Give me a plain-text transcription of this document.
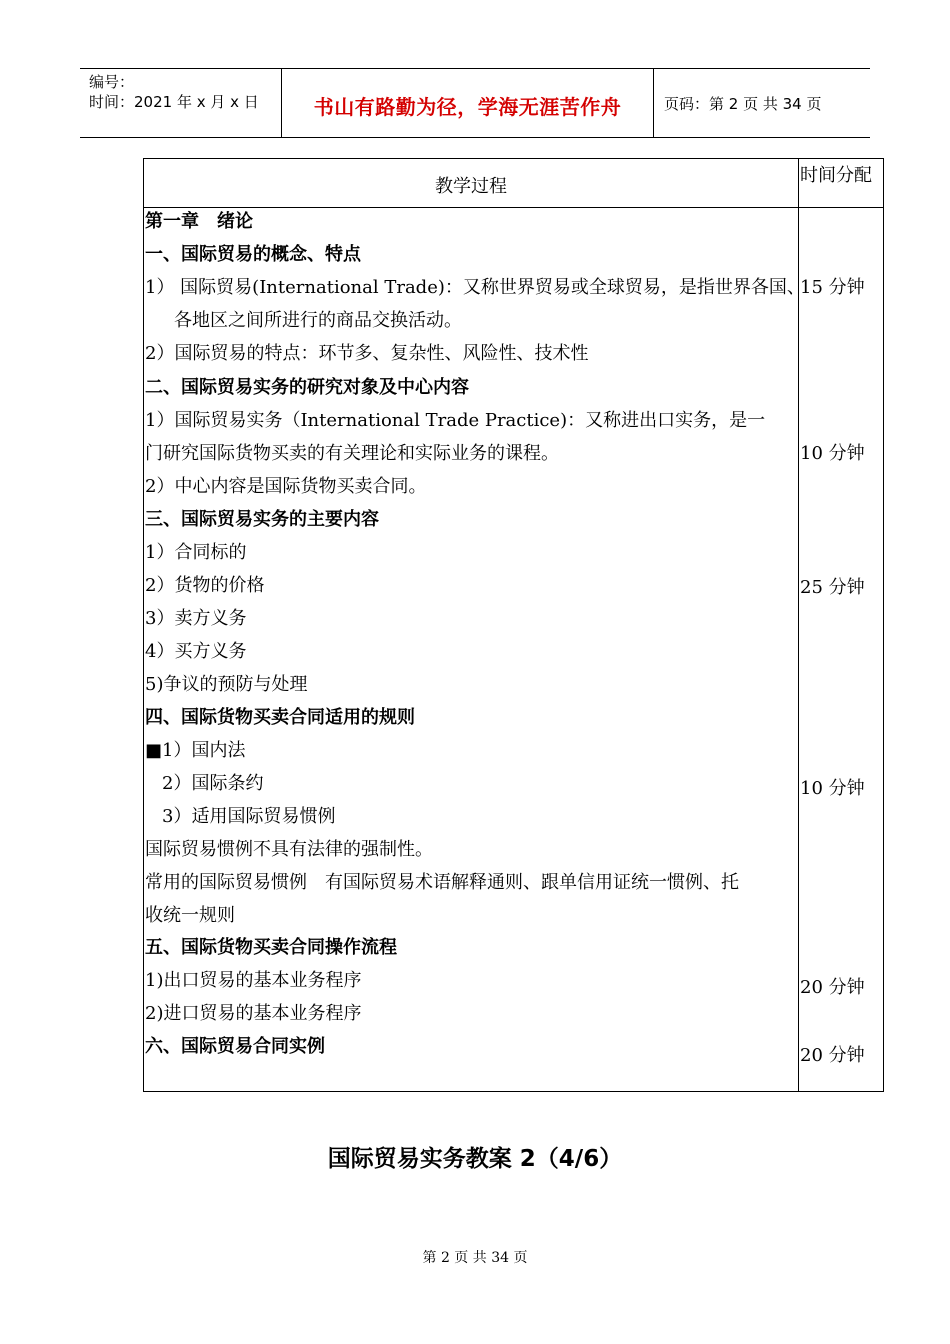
编号：
时间：2021 年 x 月 x 日	书山有路勤为径，学海无涯苦作舟	页码：第 2 页 共 34 页
教学过程
时间分配
第一章　绪论
一、国际贸易的概念、特点
1） 国际贸易(International Trade)：又称世界贸易或全球贸易，是指世界各国、
各地区之间所进行的商品交换活动。
2）国际贸易的特点：环节多、复杂性、风险性、技术性
二、国际贸易实务的研究对象及中心内容
1）国际贸易实务（International Trade Practice)：又称进出口实务，是一
门研究国际货物买卖的有关理论和实际业务的课程。
2）中心内容是国际货物买卖合同。
三、国际贸易实务的主要内容
1）合同标的
2）货物的价格
3）卖方义务
4）买方义务
5)争议的预防与处理
四、国际货物买卖合同适用的规则
■1）国内法
2）国际条约
3）适用国际贸易惯例
国际贸易惯例不具有法律的强制性。
常用的国际贸易惯例　有国际贸易术语解释通则、跟单信用证统一惯例、托
收统一规则
五、国际货物买卖合同操作流程
1)出口贸易的基本业务程序
2)进口贸易的基本业务程序
六、国际贸易合同实例
15 分钟
10 分钟
25 分钟
10 分钟
20 分钟
20 分钟
国际贸易实务教案 2（4/6）
第 2 页 共 34 页
